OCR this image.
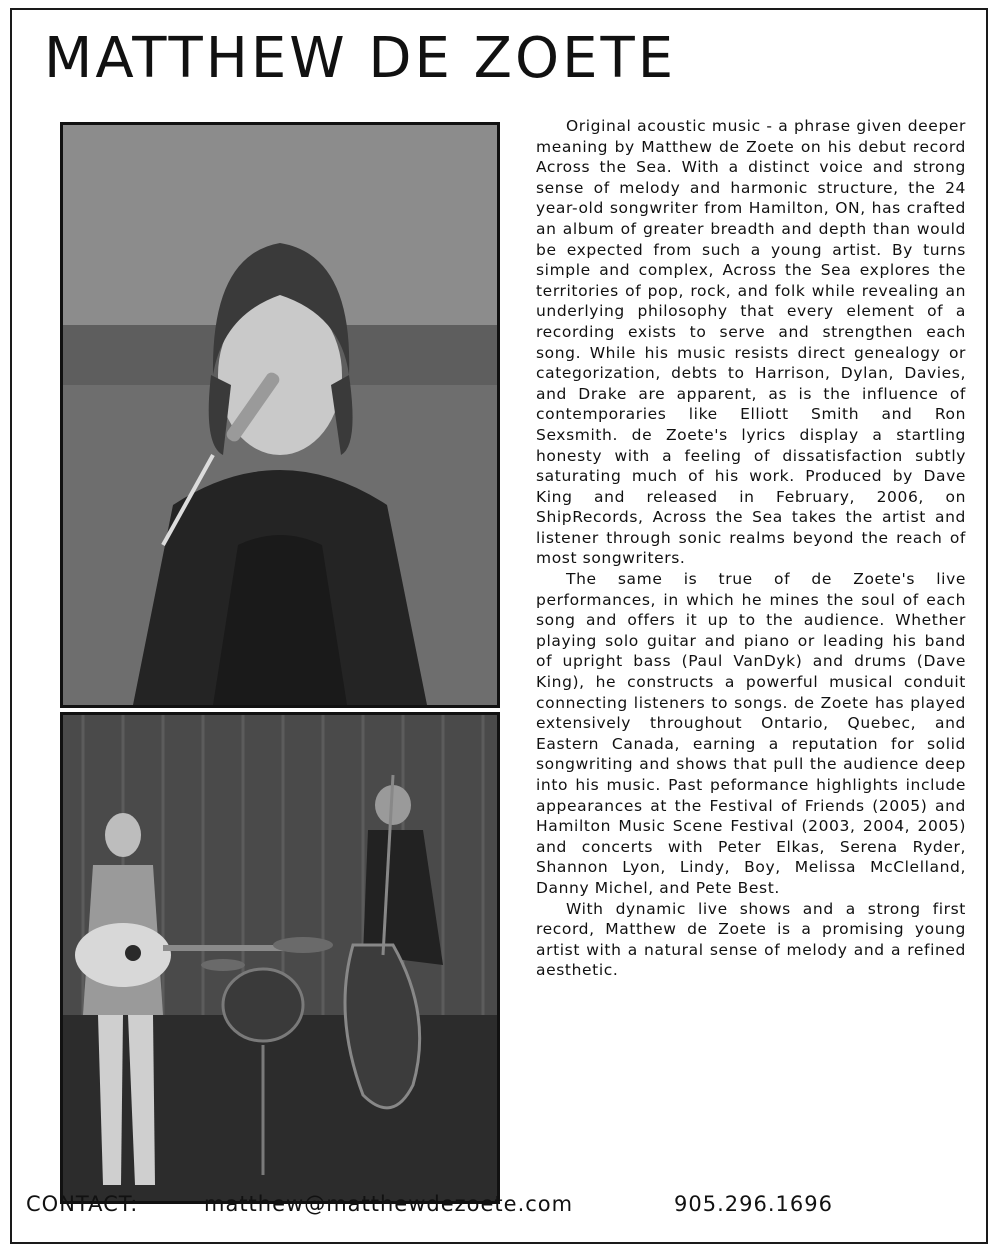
MATTHEW DE ZOETE

Original acoustic music - a phrase given deeper meaning by Matthew de Zoete on his debut record Across the Sea. With a distinct voice and strong sense of melody and harmonic structure, the 24 year-old songwriter from Hamilton, ON, has crafted an album of greater breadth and depth than would be expected from such a young artist. By turns simple and complex, Across the Sea explores the territories of pop, rock, and folk while revealing an underlying philosophy that every element of a recording exists to serve and strengthen each song. While his music resists direct genealogy or categorization, debts to Harrison, Dylan, Davies, and Drake are apparent, as is the influence of contemporaries like Elliott Smith and Ron Sexsmith. de Zoete's lyrics display a startling honesty with a feeling of dissatisfaction subtly saturating much of his work. Produced by Dave King and released in February, 2006, on ShipRecords, Across the Sea takes the artist and listener through sonic realms beyond the reach of most songwriters.

The same is true of de Zoete's live performances, in which he mines the soul of each song and offers it up to the audience. Whether playing solo guitar and piano or leading his band of upright bass (Paul VanDyk) and drums (Dave King), he constructs a powerful musical conduit connecting listeners to songs. de Zoete has played extensively throughout Ontario, Quebec, and Eastern Canada, earning a reputation for solid songwriting and shows that pull the audience deep into his music. Past peformance highlights include appearances at the Festival of Friends (2005) and Hamilton Music Scene Festival (2003, 2004, 2005) and concerts with Peter Elkas, Serena Ryder, Shannon Lyon, Lindy, Boy, Melissa McClelland, Danny Michel, and Pete Best.

With dynamic live shows and a strong first record, Matthew de Zoete is a promising young artist with a natural sense of melody and a refined aesthetic.

CONTACT:	matthew@matthewdezoete.com	905.296.1696
